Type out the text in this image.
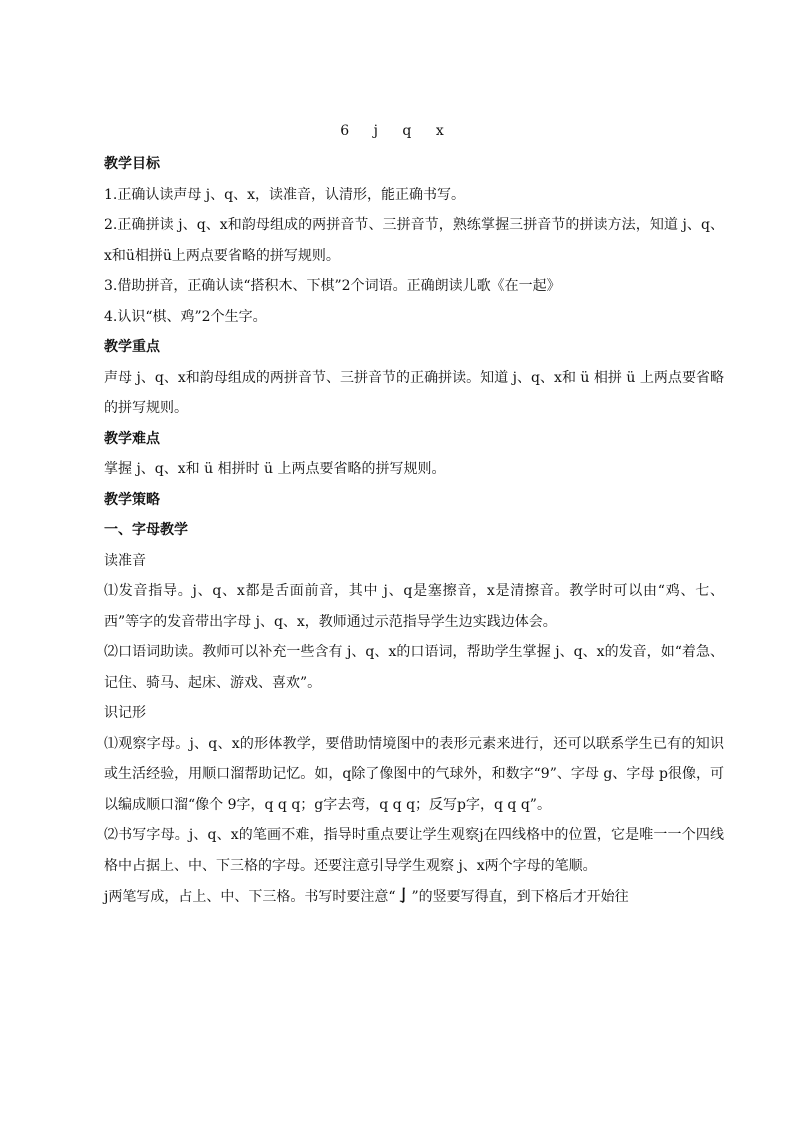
6 j q x

教学目标

1.正确认读声母 j、q、x，读准音，认清形，能正确书写。

2.正确拼读 j、q、x和韵母组成的两拼音节、三拼音节，熟练掌握三拼音节的拼读方法，知道 j、q、x和ü相拼ü上两点要省略的拼写规则。

3.借助拼音，正确认读“搭积木、下棋”2个词语。正确朗读儿歌《在一起》

4.认识“棋、鸡”2个生字。

教学重点

声母 j、q、x和韵母组成的两拼音节、三拼音节的正确拼读。知道 j、q、x和 ü 相拼 ü 上两点要省略的拼写规则。

教学难点

掌握 j、q、x和 ü 相拼时 ü 上两点要省略的拼写规则。

教学策略

一、字母教学

读准音

⑴发音指导。j、q、x都是舌面前音，其中 j、q是塞擦音，x是清擦音。教学时可以由“鸡、七、西”等字的发音带出字母 j、q、x，教师通过示范指导学生边实践边体会。

⑵口语词助读。教师可以补充一些含有 j、q、x的口语词，帮助学生掌握 j、q、x的发音，如“着急、记住、骑马、起床、游戏、喜欢”。

识记形

⑴观察字母。j、q、x的形体教学，要借助情境图中的表形元素来进行，还可以联系学生已有的知识或生活经验，用顺口溜帮助记忆。如，q除了像图中的气球外，和数字“9”、字母 g、字母 p很像，可以编成顺口溜“像个 9字，q q q；g字去弯，q q q；反写p字，q q q”。

⑵书写字母。j、q、x的笔画不难，指导时重点要让学生观察j在四线格中的位置，它是唯一一个四线格中占据上、中、下三格的字母。还要注意引导学生观察 j、x两个字母的笔顺。

j两笔写成，占上、中、下三格。书写时要注意“亅”的竖要写得直，到下格后才开始往
